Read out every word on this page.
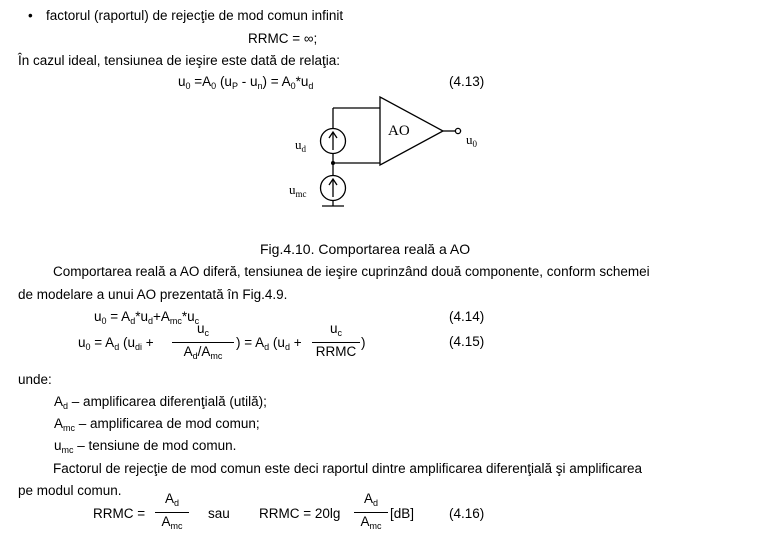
• factorul (raportul) de rejecţie de mod comun infinit
RRMC = ∞;
În cazul ideal, tensiunea de ieşire este dată de relaţia:
$u_0 =A_0$ $(u_P - u_n) = A_0*u_d$	(4.13)
AO
$u_0$
$u_d$
$u_{mc}$
Fig.4.10. Comportarea reală a AO
Comportarea reală a AO diferă, tensiunea de ieşire cuprinzând două componente, conform schemei
de modelare a unui AO prezentată în Fig.4.9.
$u_0 = A_d*u_d+A_{mc}*u_c$	(4.14)
$u_0 = A_d$ ($u_{di}$ +
$u_c$
$A_d/A_{mc}$
) = $A_d$ ($u_d$ +
$u_c$
RRMC
)	(4.15)
unde:
$A_d$ – amplificarea diferenţială (utilă);
$A_{mc}$ – amplificarea de mod comun;
$u_{mc}$ – tensiune de mod comun.
Factorul de rejecţie de mod comun este deci raportul dintre amplificarea diferenţială şi amplificarea
pe modul comun.
RRMC =
$A_d$
$A_{mc}$
sau RRMC = 20lg
$A_d$
$A_{mc}$
[dB]	(4.16)
